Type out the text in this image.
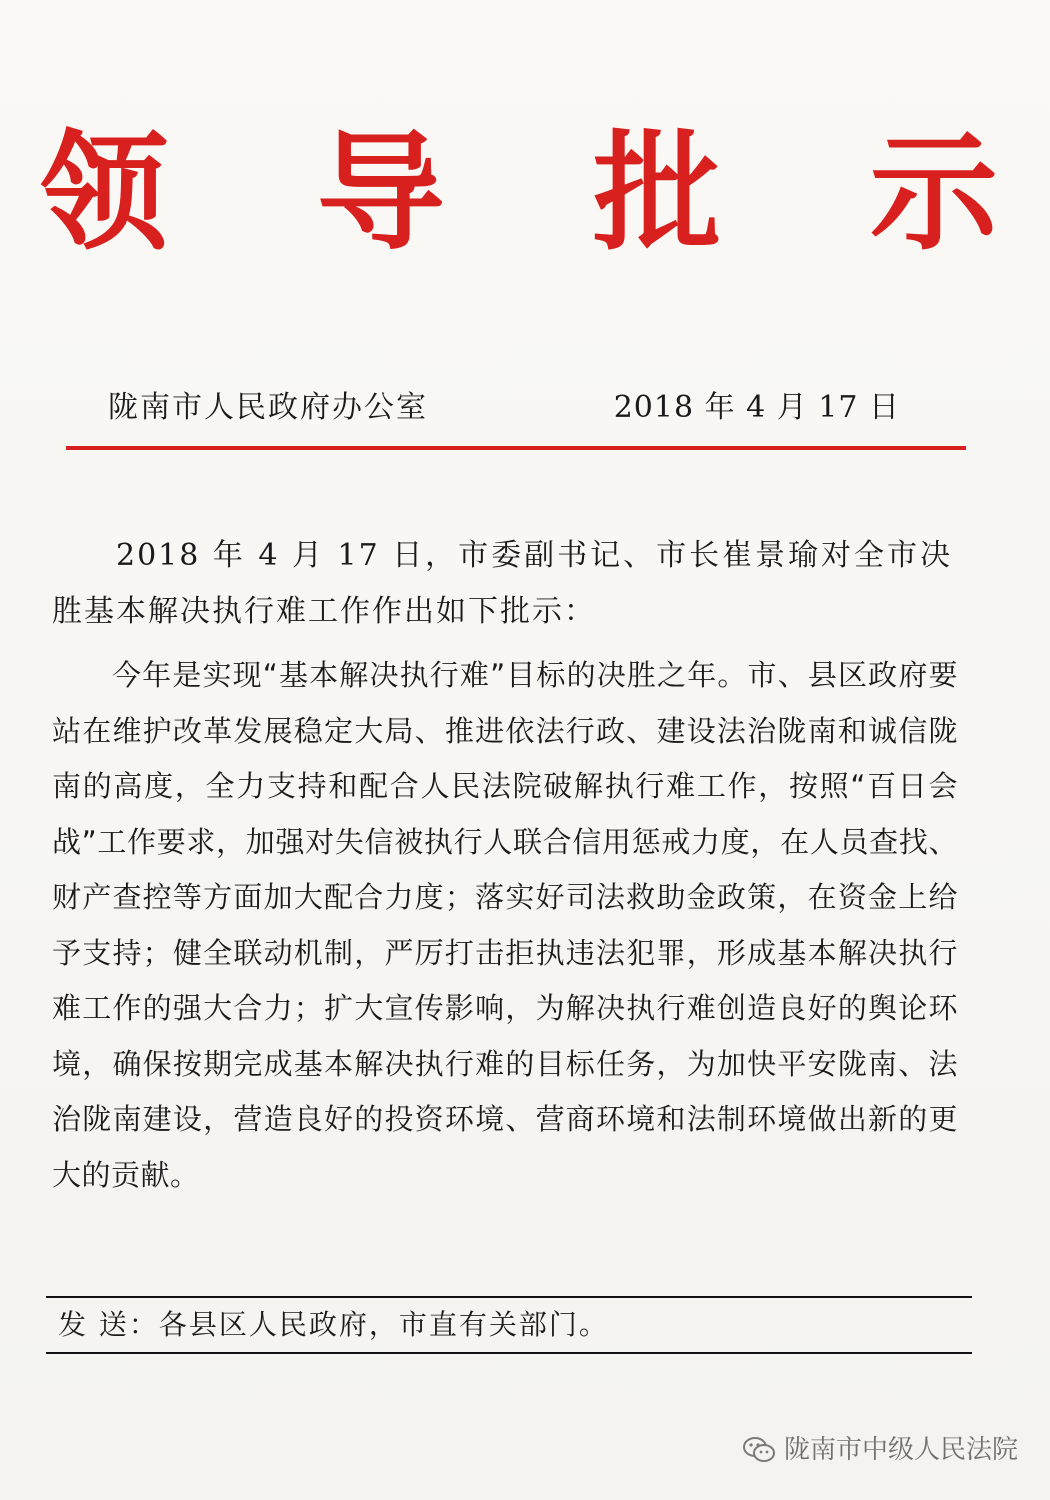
领 导 批 示
陇南市人民政府办公室	2018 年 4 月 17 日

2018 年 4 月 17 日，市委副书记、市长崔景瑜对全市决胜基本解决执行难工作作出如下批示：

今年是实现“基本解决执行难”目标的决胜之年。市、县区政府要站在维护改革发展稳定大局、推进依法行政、建设法治陇南和诚信陇南的高度，全力支持和配合人民法院破解执行难工作，按照“百日会战”工作要求，加强对失信被执行人联合信用惩戒力度，在人员查找、财产查控等方面加大配合力度；落实好司法救助金政策，在资金上给予支持；健全联动机制，严厉打击拒执违法犯罪，形成基本解决执行难工作的强大合力；扩大宣传影响，为解决执行难创造良好的舆论环境，确保按期完成基本解决执行难的目标任务，为加快平安陇南、法治陇南建设，营造良好的投资环境、营商环境和法制环境做出新的更大的贡献。

发 送：各县区人民政府，市直有关部门。
陇南市中级人民法院
